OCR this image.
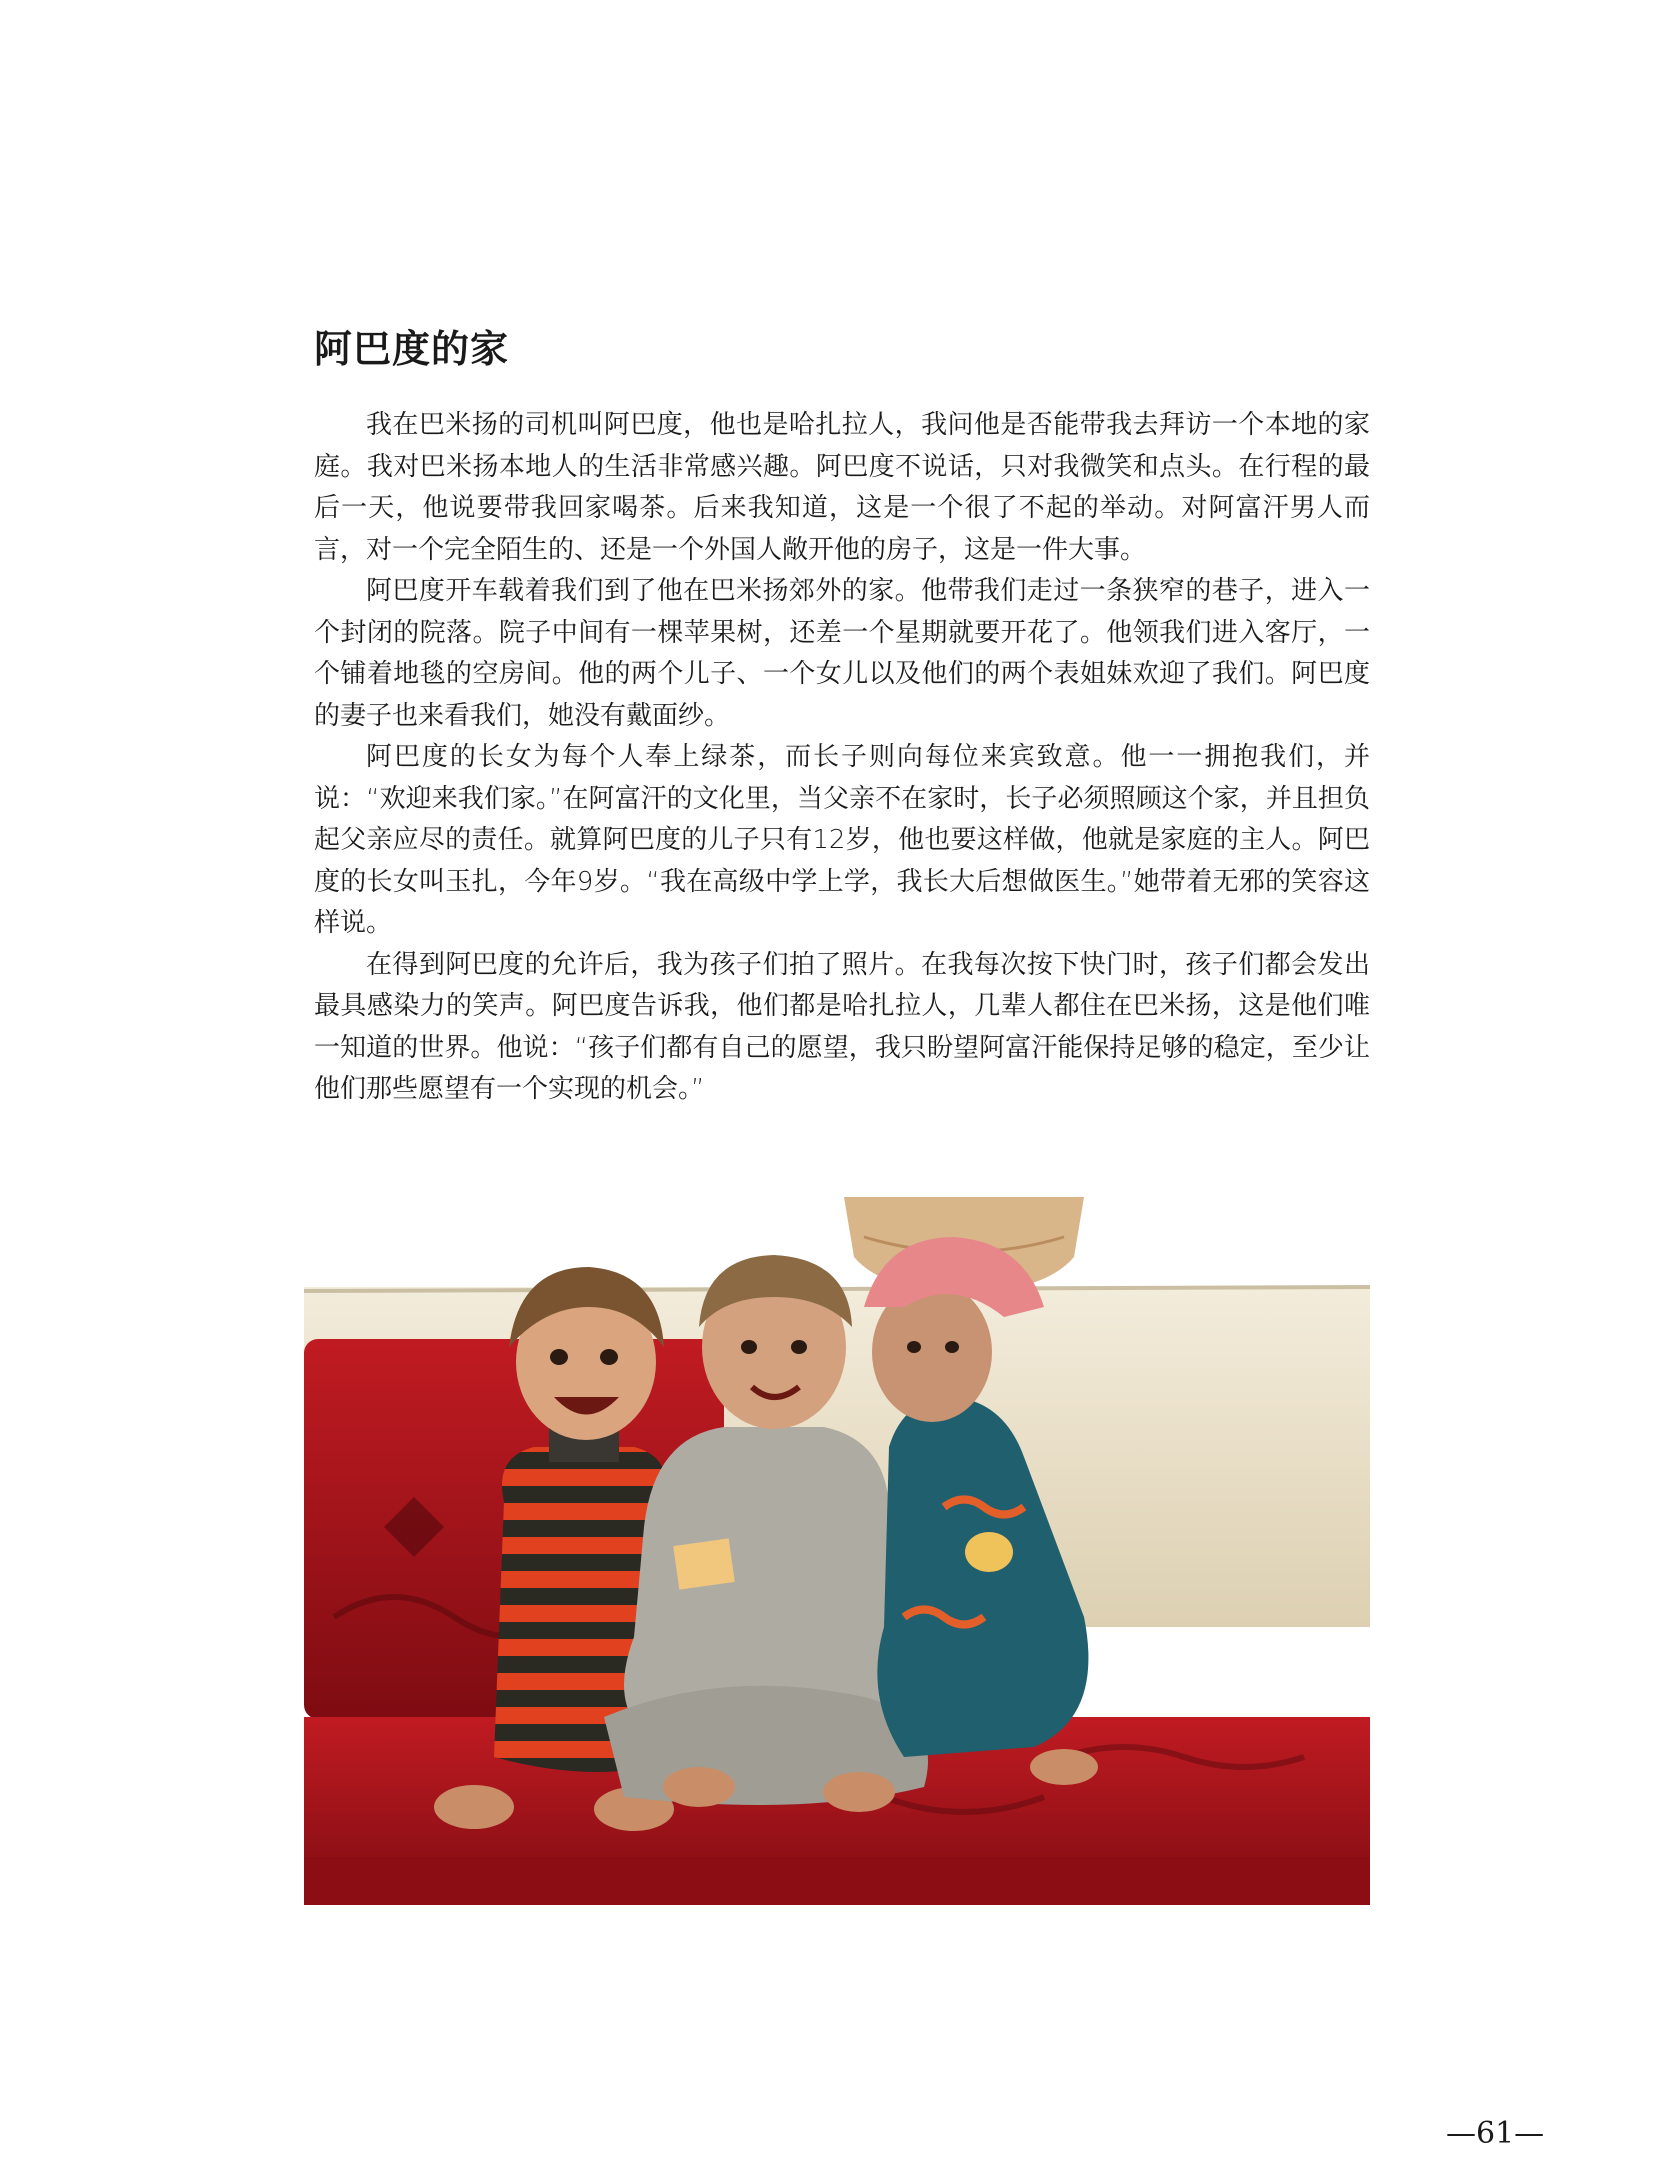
阿巴度的家

我在巴米扬的司机叫阿巴度，他也是哈扎拉人，我问他是否能带我去拜访一个本地的家庭。我对巴米扬本地人的生活非常感兴趣。阿巴度不说话，只对我微笑和点头。在行程的最后一天，他说要带我回家喝茶。后来我知道，这是一个很了不起的举动。对阿富汗男人而言，对一个完全陌生的、还是一个外国人敞开他的房子，这是一件大事。

阿巴度开车载着我们到了他在巴米扬郊外的家。他带我们走过一条狭窄的巷子，进入一个封闭的院落。院子中间有一棵苹果树，还差一个星期就要开花了。他领我们进入客厅，一个铺着地毯的空房间。他的两个儿子、一个女儿以及他们的两个表姐妹欢迎了我们。阿巴度的妻子也来看我们，她没有戴面纱。

阿巴度的长女为每个人奉上绿茶，而长子则向每位来宾致意。他一一拥抱我们，并说：“欢迎来我们家。”在阿富汗的文化里，当父亲不在家时，长子必须照顾这个家，并且担负起父亲应尽的责任。就算阿巴度的儿子只有12岁，他也要这样做，他就是家庭的主人。阿巴度的长女叫玉扎，今年9岁。“我在高级中学上学，我长大后想做医生。”她带着无邪的笑容这样说。

在得到阿巴度的允许后，我为孩子们拍了照片。在我每次按下快门时，孩子们都会发出最具感染力的笑声。阿巴度告诉我，他们都是哈扎拉人，几辈人都住在巴米扬，这是他们唯一知道的世界。他说：“孩子们都有自己的愿望，我只盼望阿富汗能保持足够的稳定，至少让他们那些愿望有一个实现的机会。”

—61—
